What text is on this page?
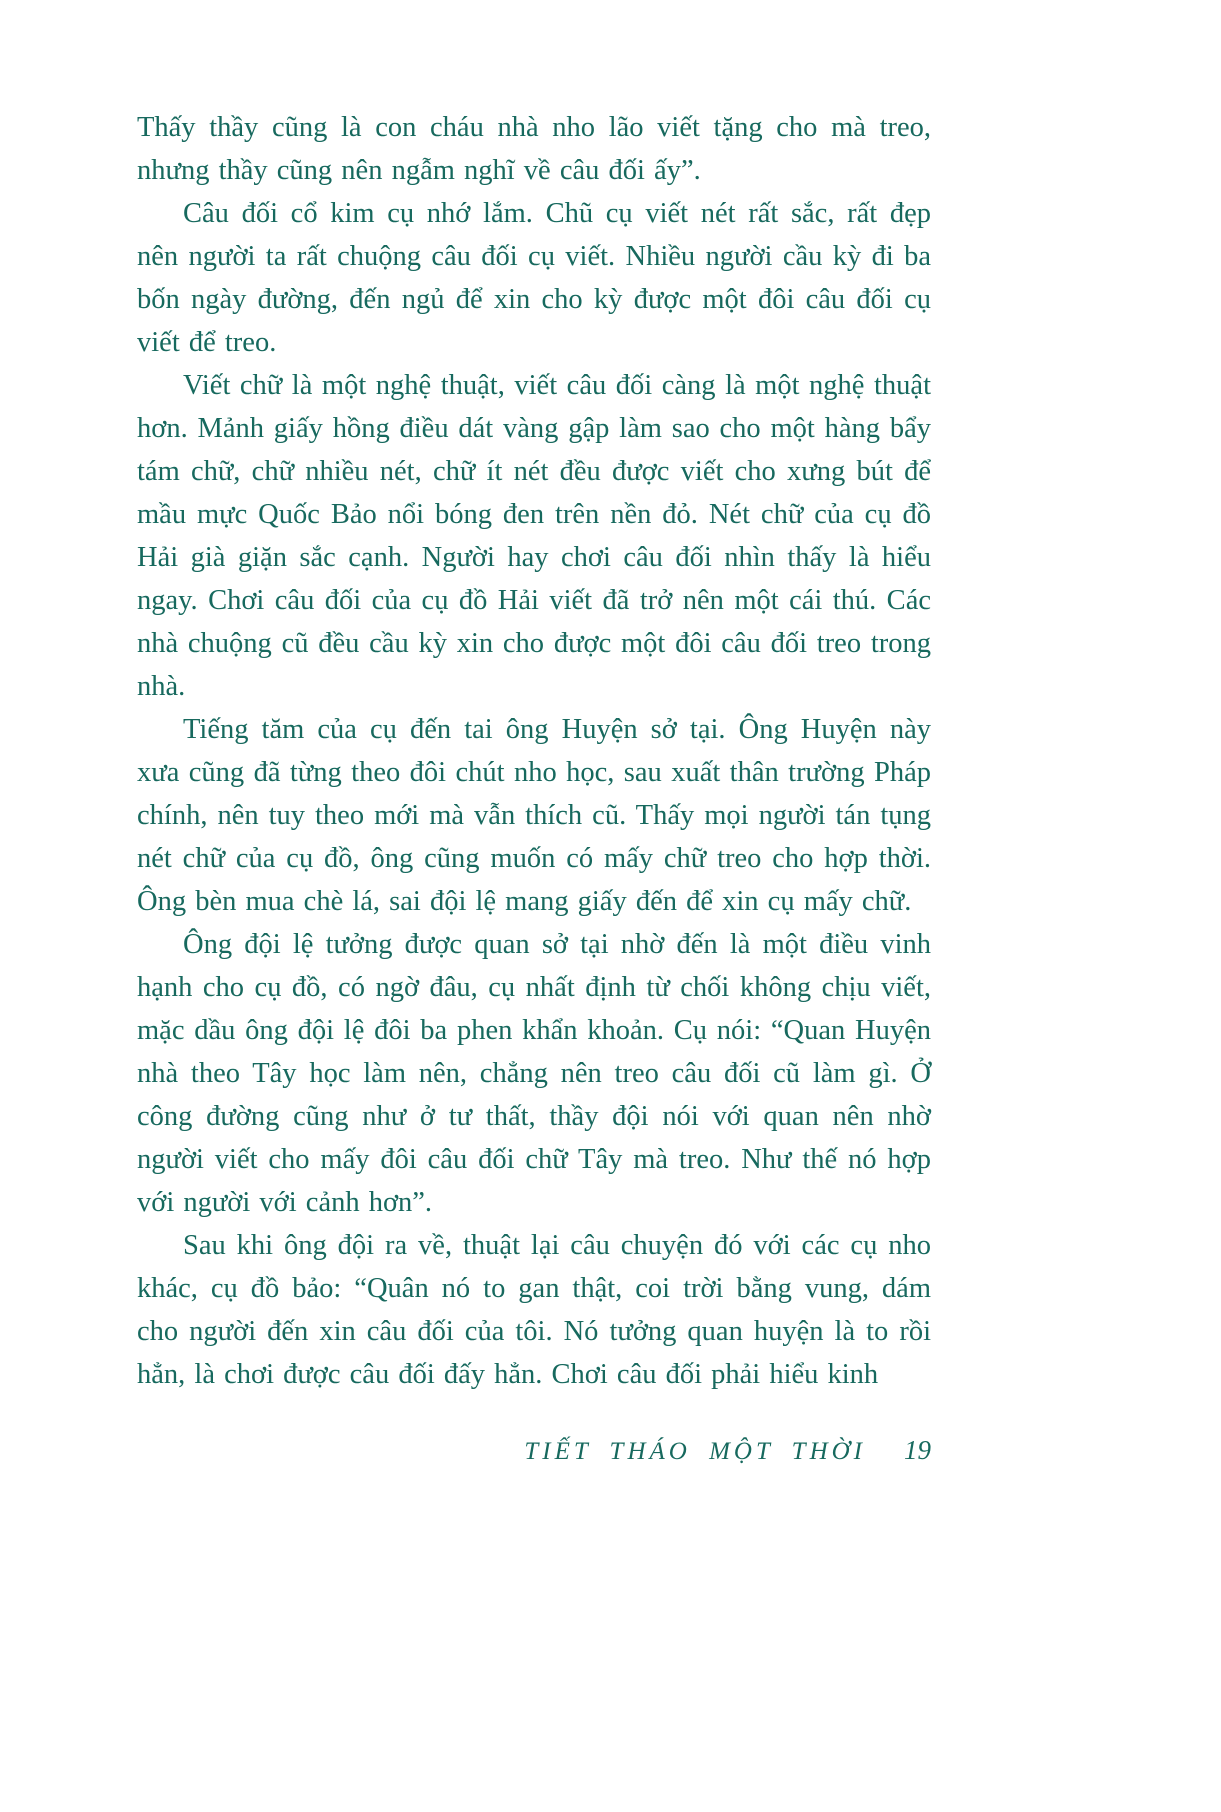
Thấy thầy cũng là con cháu nhà nho lão viết tặng cho mà treo, nhưng thầy cũng nên ngẫm nghĩ về câu đối ấy”.

Câu đối cổ kim cụ nhớ lắm. Chũ cụ viết nét rất sắc, rất đẹp nên người ta rất chuộng câu đối cụ viết. Nhiều người cầu kỳ đi ba bốn ngày đường, đến ngủ để xin cho kỳ được một đôi câu đối cụ viết để treo.

Viết chữ là một nghệ thuật, viết câu đối càng là một nghệ thuật hơn. Mảnh giấy hồng điều dát vàng gập làm sao cho một hàng bẩy tám chữ, chữ nhiều nét, chữ ít nét đều được viết cho xưng bút để mầu mực Quốc Bảo nổi bóng đen trên nền đỏ. Nét chữ của cụ đồ Hải già giặn sắc cạnh. Người hay chơi câu đối nhìn thấy là hiểu ngay. Chơi câu đối của cụ đồ Hải viết đã trở nên một cái thú. Các nhà chuộng cũ đều cầu kỳ xin cho được một đôi câu đối treo trong nhà.

Tiếng tăm của cụ đến tai ông Huyện sở tại. Ông Huyện này xưa cũng đã từng theo đôi chút nho học, sau xuất thân trường Pháp chính, nên tuy theo mới mà vẫn thích cũ. Thấy mọi người tán tụng nét chữ của cụ đồ, ông cũng muốn có mấy chữ treo cho hợp thời. Ông bèn mua chè lá, sai đội lệ mang giấy đến để xin cụ mấy chữ.

Ông đội lệ tưởng được quan sở tại nhờ đến là một điều vinh hạnh cho cụ đồ, có ngờ đâu, cụ nhất định từ chối không chịu viết, mặc dầu ông đội lệ đôi ba phen khẩn khoản. Cụ nói: “Quan Huyện nhà theo Tây học làm nên, chẳng nên treo câu đối cũ làm gì. Ở công đường cũng như ở tư thất, thầy đội nói với quan nên nhờ người viết cho mấy đôi câu đối chữ Tây mà treo. Như thế nó hợp với người với cảnh hơn”.

Sau khi ông đội ra về, thuật lại câu chuyện đó với các cụ nho khác, cụ đồ bảo: “Quân nó to gan thật, coi trời bằng vung, dám cho người đến xin câu đối của tôi. Nó tưởng quan huyện là to rồi hẳn, là chơi được câu đối đấy hẳn. Chơi câu đối phải hiểu kinh

TIẾT THÁO MỘT THỜI 19
